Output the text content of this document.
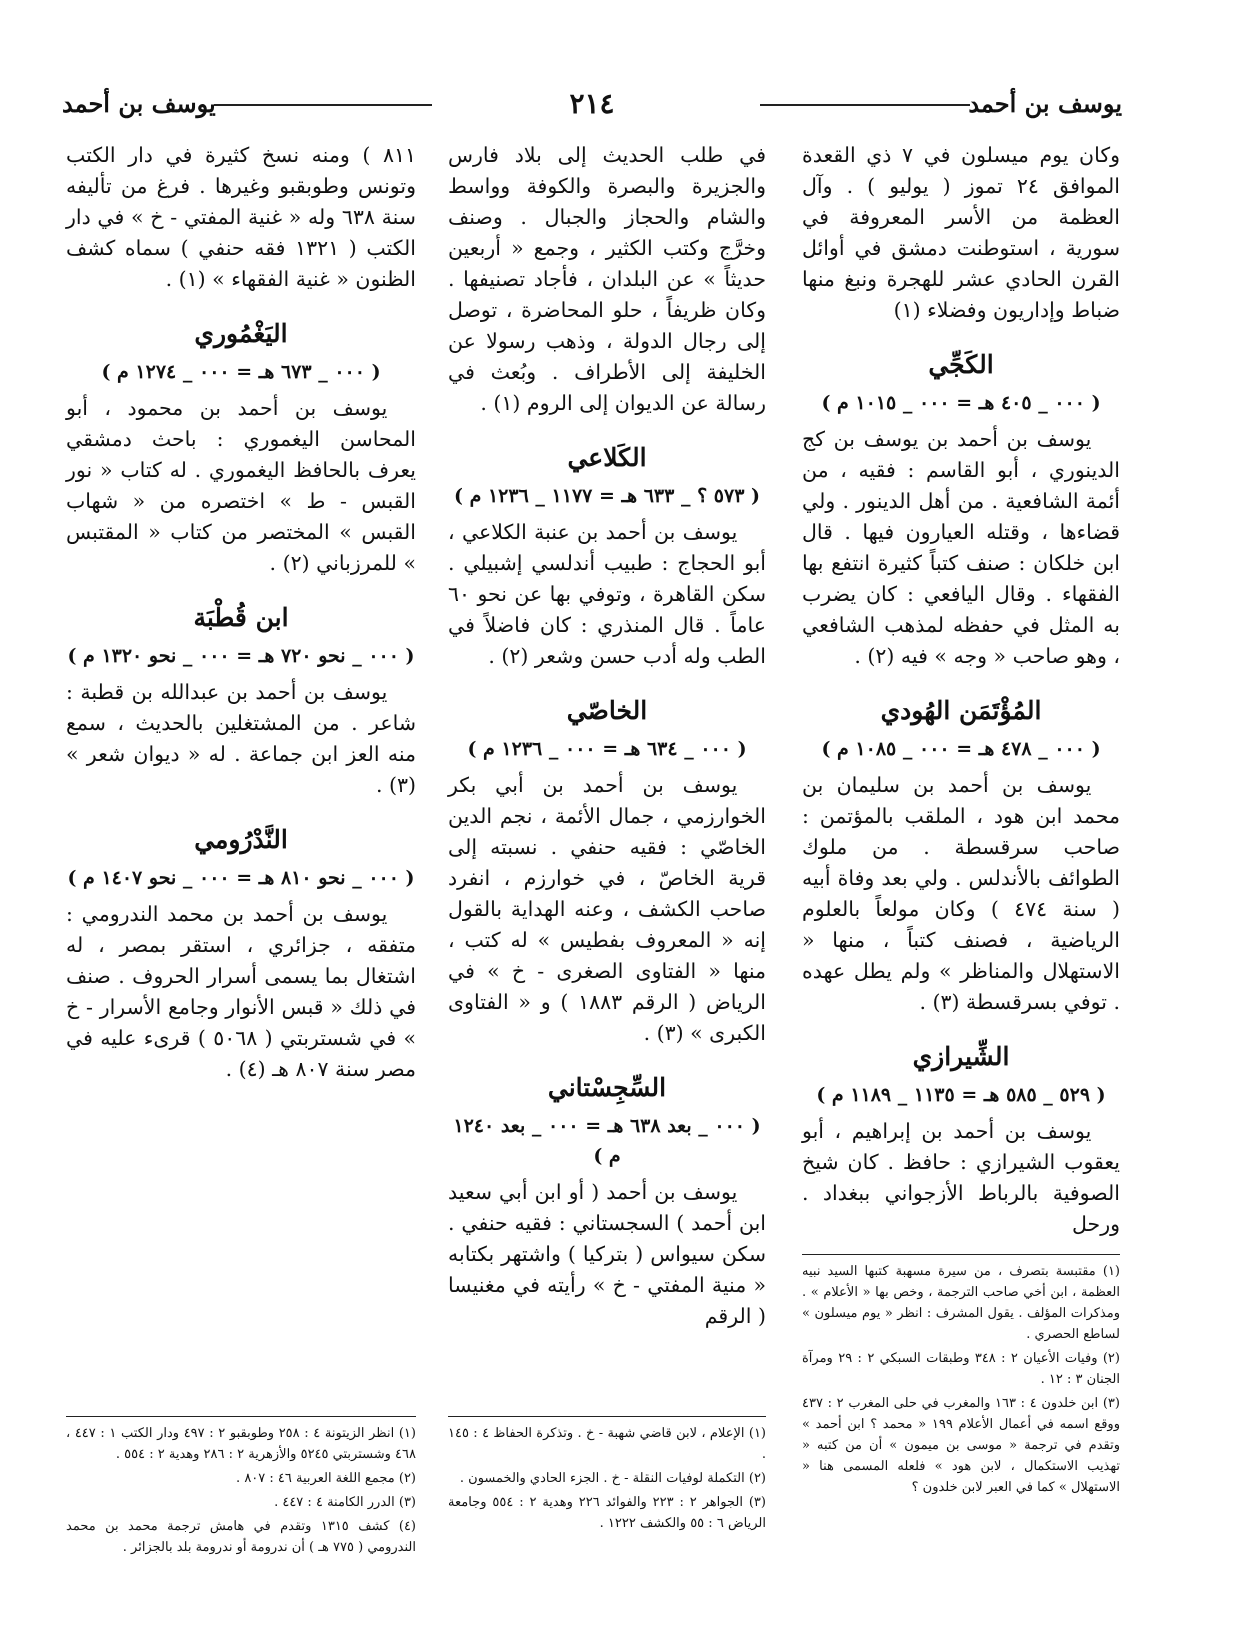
يوسف بن أحمد
٢١٤
يوسف بن أحمد

وكان يوم ميسلون في ٧ ذي القعدة الموافق ٢٤ تموز ( يوليو ) . وآل العظمة من الأسر المعروفة في سورية ، استوطنت دمشق في أوائل القرن الحادي عشر للهجرة ونبغ منها ضباط وإداريون وفضلاء (١)

الكَجِّي

( ٠٠٠ _ ٤٠٥ هـ = ٠٠٠ _ ١٠١٥ م )

يوسف بن أحمد بن يوسف بن كج الدينوري ، أبو القاسم : فقيه ، من أئمة الشافعية . من أهل الدينور . ولي قضاءها ، وقتله العيارون فيها . قال ابن خلكان : صنف كتباً كثيرة انتفع بها الفقهاء . وقال اليافعي : كان يضرب به المثل في حفظه لمذهب الشافعي ، وهو صاحب « وجه » فيه (٢) .

المُؤْتَمَن الهُودي

( ٠٠٠ _ ٤٧٨ هـ = ٠٠٠ _ ١٠٨٥ م )

يوسف بن أحمد بن سليمان بن محمد ابن هود ، الملقب بالمؤتمن : صاحب سرقسطة . من ملوك الطوائف بالأندلس . ولي بعد وفاة أبيه ( سنة ٤٧٤ ) وكان مولعاً بالعلوم الرياضية ، فصنف كتباً ، منها « الاستهلال والمناظر » ولم يطل عهده . توفي بسرقسطة (٣) .

الشِّيرازي

( ٥٢٩ _ ٥٨٥ هـ = ١١٣٥ _ ١١٨٩ م )

يوسف بن أحمد بن إبراهيم ، أبو يعقوب الشيرازي : حافظ . كان شيخ الصوفية بالرباط الأزجواني ببغداد . ورحل

(١) مقتبسة بتصرف ، من سيرة مسهبة كتبها السيد نبيه العظمة ، ابن أخي صاحب الترجمة ، وخص بها « الأعلام » . ومذكرات المؤلف . يقول المشرف : انظر « يوم ميسلون » لساطع الحصري .
(٢) وفيات الأعيان ٢ : ٣٤٨ وطبقات السبكي ٢ : ٢٩ ومرآة الجنان ٣ : ١٢ .
(٣) ابن خلدون ٤ : ١٦٣ والمغرب في حلى المغرب ٢ : ٤٣٧ ووقع اسمه في أعمال الأعلام ١٩٩ « محمد ؟ ابن أحمد » وتقدم في ترجمة « موسى بن ميمون » أن من كتبه « تهذيب الاستكمال ، لابن هود » فلعله المسمى هنا « الاستهلال » كما في العبر لابن خلدون ؟

في طلب الحديث إلى بلاد فارس والجزيرة والبصرة والكوفة وواسط والشام والحجاز والجبال . وصنف وخرَّج وكتب الكثير ، وجمع « أربعين حديثاً » عن البلدان ، فأجاد تصنيفها . وكان ظريفاً ، حلو المحاضرة ، توصل إلى رجال الدولة ، وذهب رسولا عن الخليفة إلى الأطراف . وبُعث في رسالة عن الديوان إلى الروم (١) .

الكَلاعي

( ٥٧٣ ؟ _ ٦٣٣ هـ = ١١٧٧ _ ١٢٣٦ م )

يوسف بن أحمد بن عنبة الكلاعي ، أبو الحجاج : طبيب أندلسي إشبيلي . سكن القاهرة ، وتوفي بها عن نحو ٦٠ عاماً . قال المنذري : كان فاضلاً في الطب وله أدب حسن وشعر (٢) .

الخاصّي

( ٠٠٠ _ ٦٣٤ هـ = ٠٠٠ _ ١٢٣٦ م )

يوسف بن أحمد بن أبي بكر الخوارزمي ، جمال الأئمة ، نجم الدين الخاصّي : فقيه حنفي . نسبته إلى قرية الخاصّ ، في خوارزم ، انفرد صاحب الكشف ، وعنه الهداية بالقول إنه « المعروف بفطيس » له كتب ، منها « الفتاوى الصغرى - خ » في الرياض ( الرقم ١٨٨٣ ) و « الفتاوى الكبرى » (٣) .

السِّجِسْتاني

( ٠٠٠ _ بعد ٦٣٨ هـ = ٠٠٠ _ بعد ١٢٤٠ م )

يوسف بن أحمد ( أو ابن أبي سعيد ابن أحمد ) السجستاني : فقيه حنفي . سكن سيواس ( بتركيا ) واشتهر بكتابه « منية المفتي - خ » رأيته في مغنيسا ( الرقم

(١) الإعلام ، لابن قاضي شهبة - خ . وتذكرة الحفاظ ٤ : ١٤٥ .
(٢) التكملة لوفيات النقلة - خ . الجزء الحادي والخمسون .
(٣) الجواهر ٢ : ٢٢٣ والفوائد ٢٢٦ وهدية ٢ : ٥٥٤ وجامعة الرياض ٦ : ٥٥ والكشف ١٢٢٢ .

٨١١ ) ومنه نسخ كثيرة في دار الكتب وتونس وطوبقبو وغيرها . فرغ من تأليفه سنة ٦٣٨ وله « غنية المفتي - خ » في دار الكتب ( ١٣٢١ فقه حنفي ) سماه كشف الظنون « غنية الفقهاء » (١) .

اليَغْمُوري

( ٠٠٠ _ ٦٧٣ هـ = ٠٠٠ _ ١٢٧٤ م )

يوسف بن أحمد بن محمود ، أبو المحاسن اليغموري : باحث دمشقي يعرف بالحافظ اليغموري . له كتاب « نور القبس - ط » اختصره من « شهاب القبس » المختصر من كتاب « المقتبس » للمرزباني (٢) .

ابن قُطْبَة

( ٠٠٠ _ نحو ٧٢٠ هـ = ٠٠٠ _ نحو ١٣٢٠ م )

يوسف بن أحمد بن عبدالله بن قطبة : شاعر . من المشتغلين بالحديث ، سمع منه العز ابن جماعة . له « ديوان شعر » (٣) .

النَّدْرُومي

( ٠٠٠ _ نحو ٨١٠ هـ = ٠٠٠ _ نحو ١٤٠٧ م )

يوسف بن أحمد بن محمد الندرومي : متفقه ، جزائري ، استقر بمصر ، له اشتغال بما يسمى أسرار الحروف . صنف في ذلك « قبس الأنوار وجامع الأسرار - خ » في شستربتي ( ٥٠٦٨ ) قرىء عليه في مصر سنة ٨٠٧ هـ (٤) .

(١) انظر الزيتونة ٤ : ٢٥٨ وطوبقبو ٢ : ٤٩٧ ودار الكتب ١ : ٤٤٧ ، ٤٦٨ وشستربتي ٥٢٤٥ والأزهرية ٢ : ٢٨٦ وهدية ٢ : ٥٥٤ .
(٢) مجمع اللغة العربية ٤٦ : ٨٠٧ .
(٣) الدرر الكامنة ٤ : ٤٤٧ .
(٤) كشف ١٣١٥ وتقدم في هامش ترجمة محمد بن محمد الندرومي ( ٧٧٥ هـ ) أن ندرومة أو ندرومة بلد بالجزائر .
